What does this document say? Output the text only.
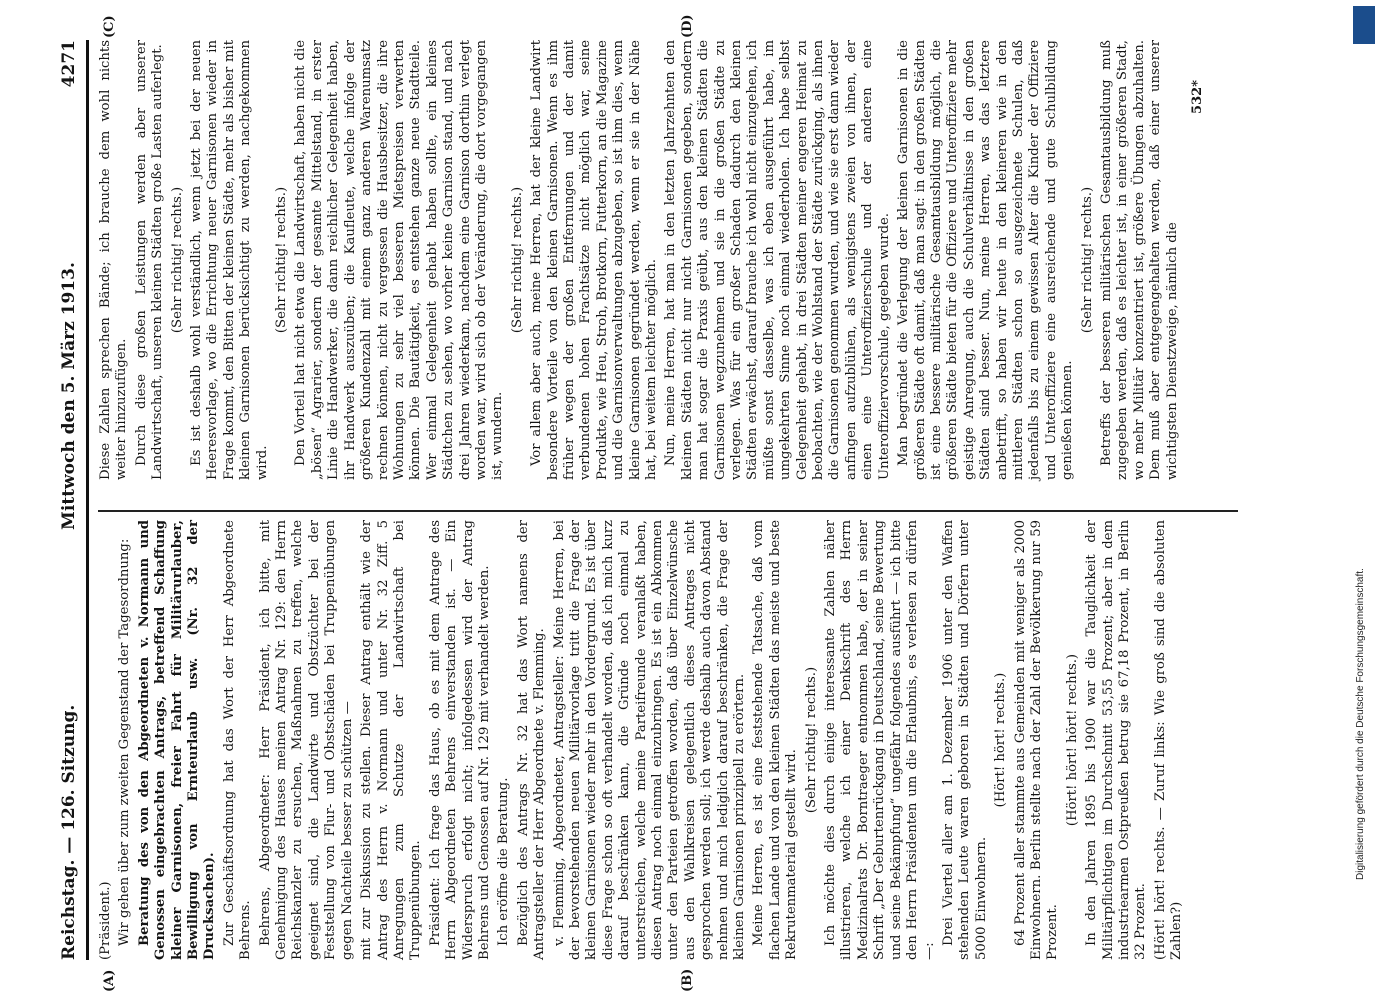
Reichstag. — 126. Sitzung.
Mittwoch den 5. März 1913.
4271
(A)	(B)
(C)	(D)

(Präsident.) Wir gehen über zum zweiten Gegenstand der Tagesordnung: Beratung des von den Abgeordneten v. Normann und Genossen eingebrachten Antrags, betreffend Schaffung kleiner Garnisonen, freier Fahrt für Militärurlauber, Bewilligung von Ernteurlaub usw. (Nr. 32 der Drucksachen). Zur Geschäftsordnung hat das Wort der Herr Abgeordnete Behrens. Behrens, Abgeordneter: Herr Präsident, ich bitte, mit Genehmigung des Hauses meinen Antrag Nr. 129: den Herrn Reichskanzler zu ersuchen, Maßnahmen zu treffen, welche geeignet sind, die Landwirte und Obstzüchter bei der Feststellung von Flur- und Obstschäden bei Truppenübungen gegen Nachteile besser zu schützen — mit zur Diskussion zu stellen. Dieser Antrag enthält wie der Antrag des Herrn v. Normann und unter Nr. 32 Ziff. 5 Anregungen zum Schutze der Landwirtschaft bei Truppenübungen. Präsident: Ich frage das Haus, ob es mit dem Antrage des Herrn Abgeordneten Behrens einverstanden ist. — Ein Widerspruch erfolgt nicht; infolgedessen wird der Antrag Behrens und Genossen auf Nr. 129 mit verhandelt werden. Ich eröffne die Beratung. Bezüglich des Antrags Nr. 32 hat das Wort namens der Antragsteller der Herr Abgeordnete v. Flemming. v. Flemming, Abgeordneter, Antragsteller: Meine Herren, bei der bevorstehenden neuen Militärvorlage tritt die Frage der kleinen Garnisonen wieder mehr in den Vordergrund. Es ist über diese Frage schon so oft verhandelt worden, daß ich mich kurz darauf beschränken kann, die Gründe noch einmal zu unterstreichen, welche meine Parteifreunde veranlaßt haben, diesen Antrag noch einmal einzubringen. Es ist ein Abkommen unter den Parteien getroffen worden, daß über Einzelwünsche aus den Wahlkreisen gelegentlich dieses Antrages nicht gesprochen werden soll; ich werde deshalb auch davon Abstand nehmen und mich lediglich darauf beschränken, die Frage der kleinen Garnisonen prinzipiell zu erörtern. Meine Herren, es ist eine feststehende Tatsache, daß vom flachen Lande und von den kleinen Städten das meiste und beste Rekrutenmaterial gestellt wird.

(Sehr richtig! rechts.) Ich möchte dies durch einige interessante Zahlen näher illustrieren, welche ich einer Denkschrift des Herrn Medizinalrats Dr. Borntraeger entnommen habe, der in seiner Schrift „Der Geburtenrückgang in Deutschland, seine Bewertung und seine Bekämpfung“ ungefähr folgendes ausführt — ich bitte den Herrn Präsidenten um die Erlaubnis, es verlesen zu dürfen —:

Drei Viertel aller am 1. Dezember 1906 unter den Waffen stehenden Leute waren geboren in Städten und Dörfern unter 5000 Einwohnern.

(Hört! hört! rechts.) 64 Prozent aller stammte aus Gemeinden mit weniger als 2000 Einwohnern. Berlin stellte nach der Zahl der Bevölkerung nur 59 Prozent.

(Hört! hört! hört! rechts.) In den Jahren 1895 bis 1900 war die Tauglichkeit der Militärpflichtigen im Durchschnitt 53,55 Prozent; aber in dem industriearmen Ostpreußen betrug sie 67,18 Prozent, in Berlin 32 Prozent. (Hört! hört! rechts. — Zuruf links: Wie groß sind die absoluten Zahlen?)

Diese Zahlen sprechen Bände; ich brauche dem wohl nichts weiter hinzuzufügen. Durch diese großen Leistungen werden aber unserer Landwirtschaft, unseren kleinen Städten große Lasten auferlegt. (Sehr richtig! rechts.) Es ist deshalb wohl verständlich, wenn jetzt bei der neuen Heeresvorlage, wo die Errichtung neuer Garnisonen wieder in Frage kommt, den Bitten der kleinen Städte, mehr als bisher mit kleinen Garnisonen berücksichtigt zu werden, nachgekommen wird.

(Sehr richtig! rechts.) Den Vorteil hat nicht etwa die Landwirtschaft, haben nicht die „bösen“ Agrarier, sondern der gesamte Mittelstand, in erster Linie die Handwerker, die dann reichlicher Gelegenheit haben, ihr Handwerk auszuüben; die Kaufleute, welche infolge der größeren Kundenzahl mit einem ganz anderen Warenumsatz rechnen können, nicht zu vergessen die Hausbesitzer, die ihre Wohnungen zu sehr viel besseren Mietspreisen verwerten können. Die Bautätigkeit, es entstehen ganze neue Stadtteile. Wer einmal Gelegenheit gehabt haben sollte, ein kleines Städtchen zu sehen, wo vorher keine Garnison stand, und nach drei Jahren wiederkam, nachdem eine Garnison dorthin verlegt worden war, wird sich ob der Veränderung, die dort vorgegangen ist, wundern.

(Sehr richtig! rechts.) Vor allem aber auch, meine Herren, hat der kleine Landwirt besondere Vorteile von den kleinen Garnisonen. Wenn es ihm früher wegen der großen Entfernungen und der damit verbundenen hohen Frachtsätze nicht möglich war, seine Produkte, wie Heu, Stroh, Brotkorn, Futterkorn, an die Magazine und die Garnisonverwaltungen abzugeben, so ist ihm dies, wenn kleine Garnisonen gegründet werden, wenn er sie in der Nähe hat, bei weitem leichter möglich. Nun, meine Herren, hat man in den letzten Jahrzehnten den kleinen Städten nicht nur nicht Garnisonen gegeben, sondern man hat sogar die Praxis geübt, aus den kleinen Städten die Garnisonen wegzunehmen und sie in die großen Städte zu verlegen. Was für ein großer Schaden dadurch den kleinen Städten erwächst, darauf brauche ich wohl nicht einzugehen, ich müßte sonst dasselbe, was ich eben ausgeführt habe, im umgekehrten Sinne noch einmal wiederholen. Ich habe selbst Gelegenheit gehabt, in drei Städten meiner engeren Heimat zu beobachten, wie der Wohlstand der Städte zurückging, als ihnen die Garnisonen genommen wurden, und wie sie erst dann wieder anfingen aufzublühen, als wenigstens zweien von ihnen, der einen eine Unteroffizierschule und der anderen eine Unteroffiziervorschule, gegeben wurde. Man begründet die Verlegung der kleinen Garnisonen in die größeren Städte oft damit, daß man sagt: in den großen Städten ist eine bessere militärische Gesamtausbildung möglich, die größeren Städte bieten für die Offiziere und Unteroffiziere mehr geistige Anregung, auch die Schulverhältnisse in den großen Städten sind besser. Nun, meine Herren, was das letztere anbetrifft, so haben wir heute in den kleineren wie in den mittleren Städten schon so ausgezeichnete Schulen, daß jedenfalls bis zu einem gewissen Alter die Kinder der Offiziere und Unteroffiziere eine ausreichende und gute Schulbildung genießen können.

(Sehr richtig! rechts.) Betreffs der besseren militärischen Gesamtausbildung muß zugegeben werden, daß es leichter ist, in einer größeren Stadt, wo mehr Militär konzentriert ist, größere Übungen abzuhalten. Dem muß aber entgegengehalten werden, daß einer unserer wichtigsten Dienstzweige, nämlich die

532*
Digitalisierung gefördert durch die Deutsche Forschungsgemeinschaft.
